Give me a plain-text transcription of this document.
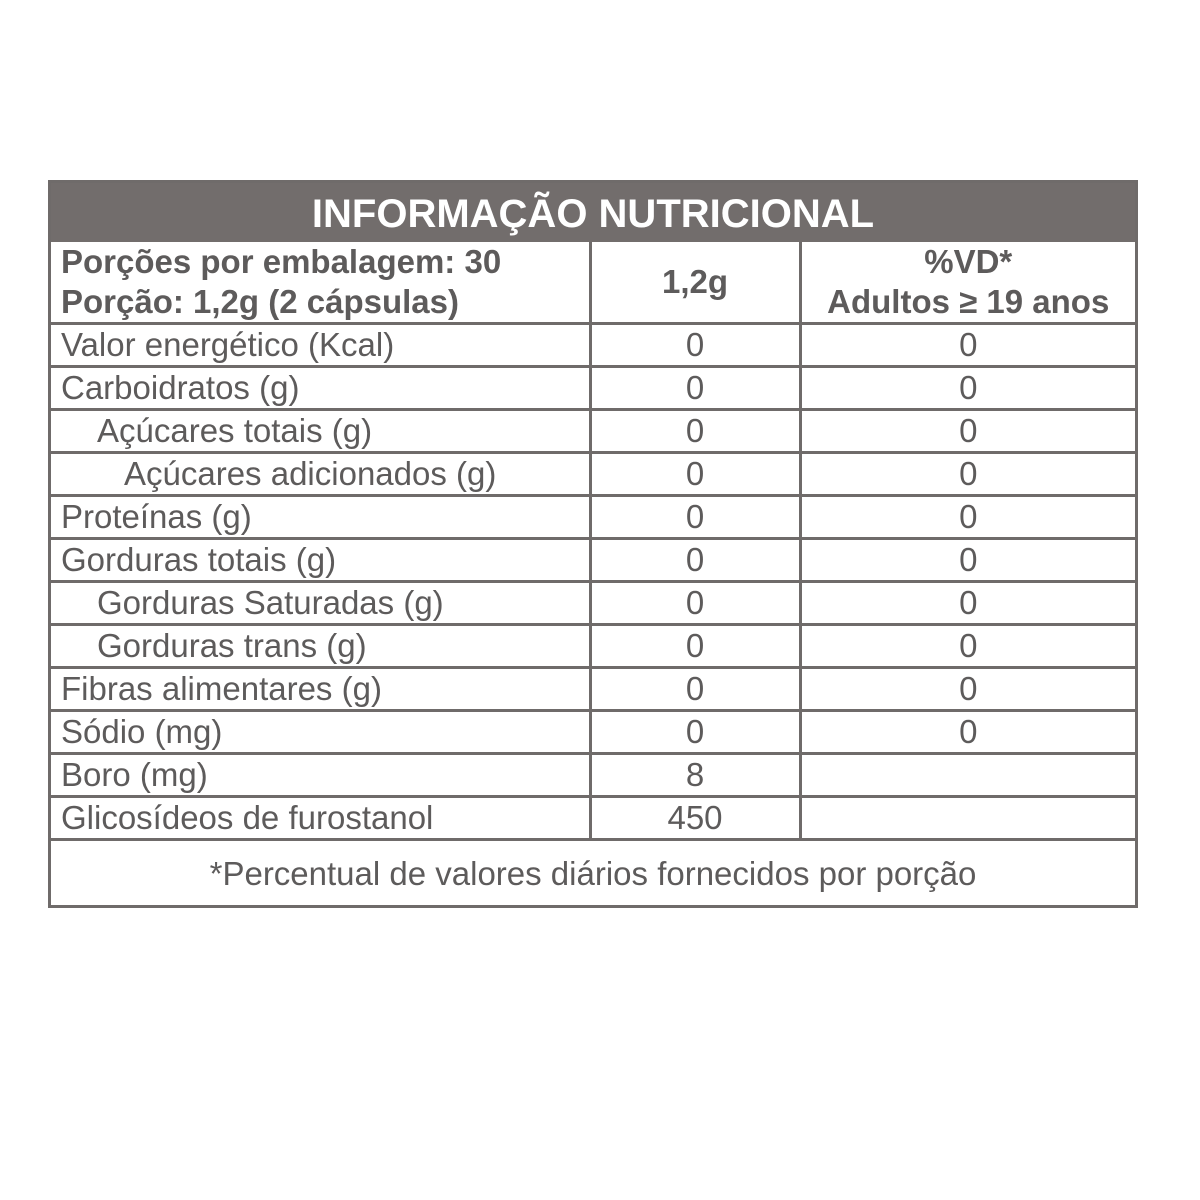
INFORMAÇÃO NUTRICIONAL
Porções por embalagem: 30
Porção: 1,2g (2 cápsulas)	1,2g	%VD*
Adultos ≥ 19 anos

Valor energético (Kcal)	0	0
Carboidratos (g)	0	0
Açúcares totais (g)	0	0
Açúcares adicionados (g)	0	0
Proteínas (g)	0	0
Gorduras totais (g)	0	0
Gorduras Saturadas (g)	0	0
Gorduras trans (g)	0	0
Fibras alimentares (g)	0	0
Sódio (mg)	0	0
Boro (mg)	8	
Glicosídeos de furostanol	450	
*Percentual de valores diários fornecidos por porção
